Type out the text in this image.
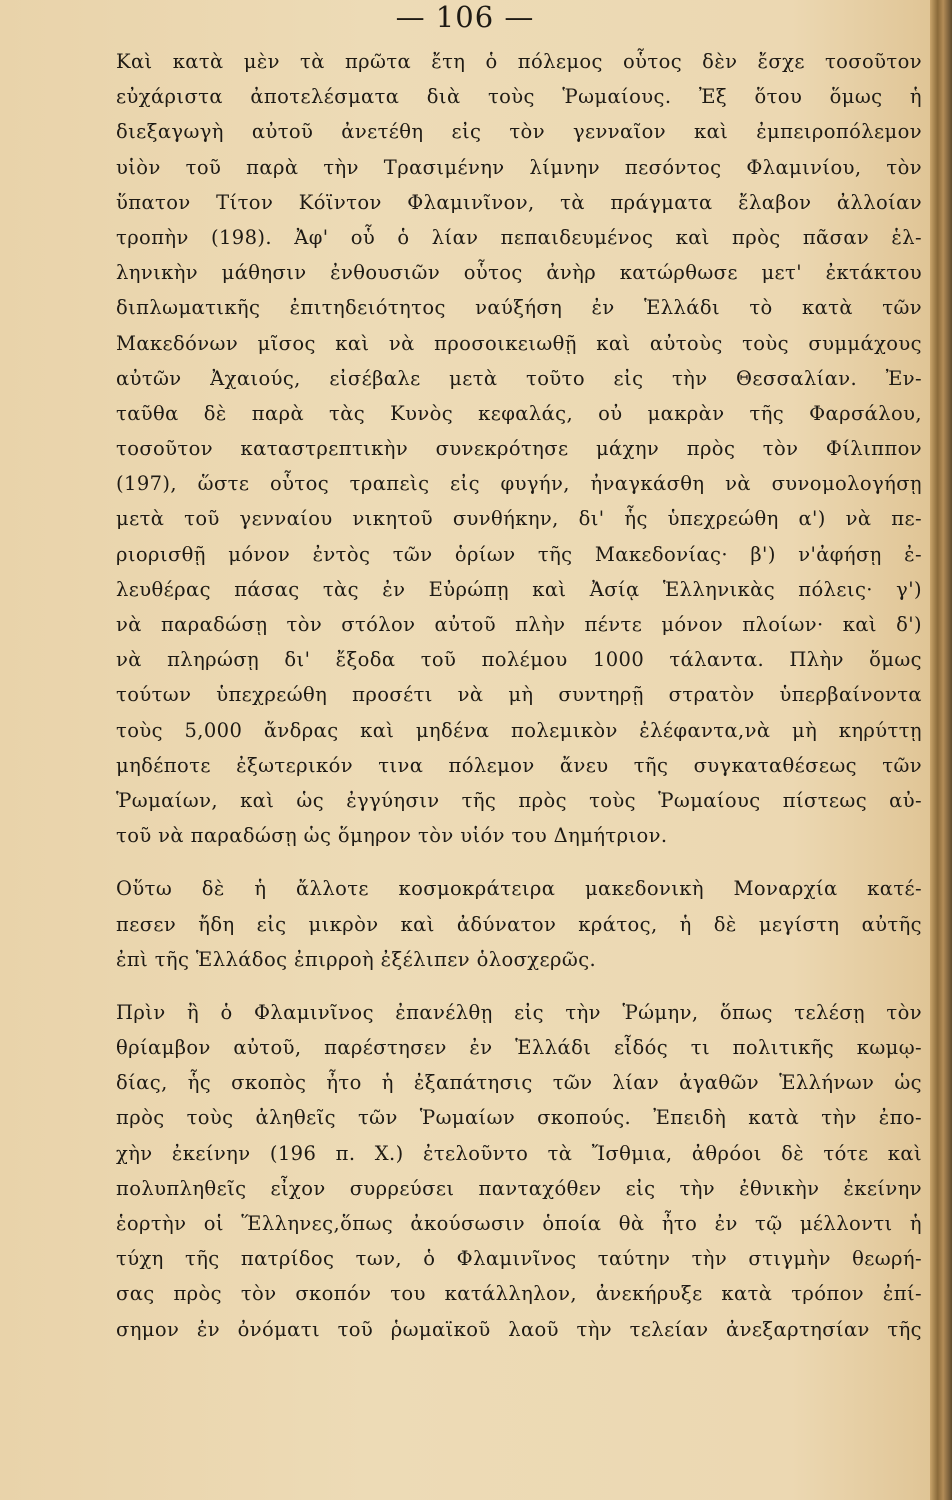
— 106 —
Καὶ κατὰ μὲν τὰ πρῶτα ἔτη ὁ πόλεμος οὗτος δὲν ἔσχε τοσοῦτον
εὐχάριστα ἀποτελέσματα διὰ τοὺς Ῥωμαίους. Ἐξ ὅτου ὅμως ἡ
διεξαγωγὴ αὐτοῦ ἀνετέθη εἰς τὸν γενναῖον καὶ ἐμπειροπόλεμον
υἱὸν τοῦ παρὰ τὴν Τρασιμένην λίμνην πεσόντος Φλαμινίου, τὸν
ὕπατον Τίτον Κόϊντον Φλαμινῖνον, τὰ πράγματα ἔλαβον ἀλλοίαν
τροπὴν (198). Ἀφ' οὗ ὁ λίαν πεπαιδευμένος καὶ πρὸς πᾶσαν ἑλ-
ληνικὴν μάθησιν ἐνθουσιῶν οὗτος ἀνὴρ κατώρθωσε μετ' ἐκτάκτου
διπλωματικῆς ἐπιτηδειότητος ναύξήση ἐν Ἑλλάδι τὸ κατὰ τῶν
Μακεδόνων μῖσος καὶ νὰ προσοικειωθῇ καὶ αὐτοὺς τοὺς συμμάχους
αὐτῶν Ἀχαιούς, εἰσέβαλε μετὰ τοῦτο εἰς τὴν Θεσσαλίαν. Ἐν-
ταῦθα δὲ παρὰ τὰς Κυνὸς κεφαλάς, οὐ μακρὰν τῆς Φαρσάλου,
τοσοῦτον καταστρεπτικὴν συνεκρότησε μάχην πρὸς τὸν Φίλιππον
(197), ὥστε οὗτος τραπεὶς εἰς φυγήν, ἠναγκάσθη νὰ συνομολογήσῃ
μετὰ τοῦ γενναίου νικητοῦ συνθήκην, δι' ἧς ὑπεχρεώθη α') νὰ πε-
ριορισθῇ μόνον ἐντὸς τῶν ὁρίων τῆς Μακεδονίας· β') ν'ἀφήσῃ ἐ-
λευθέρας πάσας τὰς ἐν Εὐρώπῃ καὶ Ἀσίᾳ Ἑλληνικὰς πόλεις· γ')
νὰ παραδώσῃ τὸν στόλον αὐτοῦ πλὴν πέντε μόνον πλοίων· καὶ δ')
νὰ πληρώσῃ δι' ἔξοδα τοῦ πολέμου 1000 τάλαντα. Πλὴν ὅμως
τούτων ὑπεχρεώθη προσέτι νὰ μὴ συντηρῇ στρατὸν ὑπερβαίνοντα
τοὺς 5,000 ἄνδρας καὶ μηδένα πολεμικὸν ἐλέφαντα,νὰ μὴ κηρύττῃ
μηδέποτε ἐξωτερικόν τινα πόλεμον ἄνευ τῆς συγκαταθέσεως τῶν
Ῥωμαίων, καὶ ὡς ἐγγύησιν τῆς πρὸς τοὺς Ῥωμαίους πίστεως αὐ-
τοῦ νὰ παραδώσῃ ὡς ὅμηρον τὸν υἱόν του Δημήτριον.
Οὕτω δὲ ἡ ἄλλοτε κοσμοκράτειρα μακεδονικὴ Μοναρχία κατέ-
πεσεν ἤδη εἰς μικρὸν καὶ ἀδύνατον κράτος, ἡ δὲ μεγίστη αὐτῆς
ἐπὶ τῆς Ἑλλάδος ἐπιρροὴ ἐξέλιπεν ὁλοσχερῶς.
Πρὶν ἢ ὁ Φλαμινῖνος ἐπανέλθῃ εἰς τὴν Ῥώμην, ὅπως τελέσῃ τὸν
θρίαμβον αὐτοῦ, παρέστησεν ἐν Ἑλλάδι εἶδός τι πολιτικῆς κωμῳ-
δίας, ἧς σκοπὸς ἦτο ἡ ἐξαπάτησις τῶν λίαν ἀγαθῶν Ἑλλήνων ὡς
πρὸς τοὺς ἀληθεῖς τῶν Ῥωμαίων σκοπούς. Ἐπειδὴ κατὰ τὴν ἐπο-
χὴν ἐκείνην (196 π. Χ.) ἐτελοῦντο τὰ Ἴσθμια, ἀθρόοι δὲ τότε καὶ
πολυπληθεῖς εἶχον συρρεύσει πανταχόθεν εἰς τὴν ἐθνικὴν ἐκείνην
ἑορτὴν οἱ Ἕλληνες,ὅπως ἀκούσωσιν ὁποία θὰ ἦτο ἐν τῷ μέλλοντι ἡ
τύχη τῆς πατρίδος των, ὁ Φλαμινῖνος ταύτην τὴν στιγμὴν θεωρή-
σας πρὸς τὸν σκοπόν του κατάλληλον, ἀνεκήρυξε κατὰ τρόπον ἐπί-
σημον ἐν ὀνόματι τοῦ ῥωμαϊκοῦ λαοῦ τὴν τελείαν ἀνεξαρτησίαν τῆς
